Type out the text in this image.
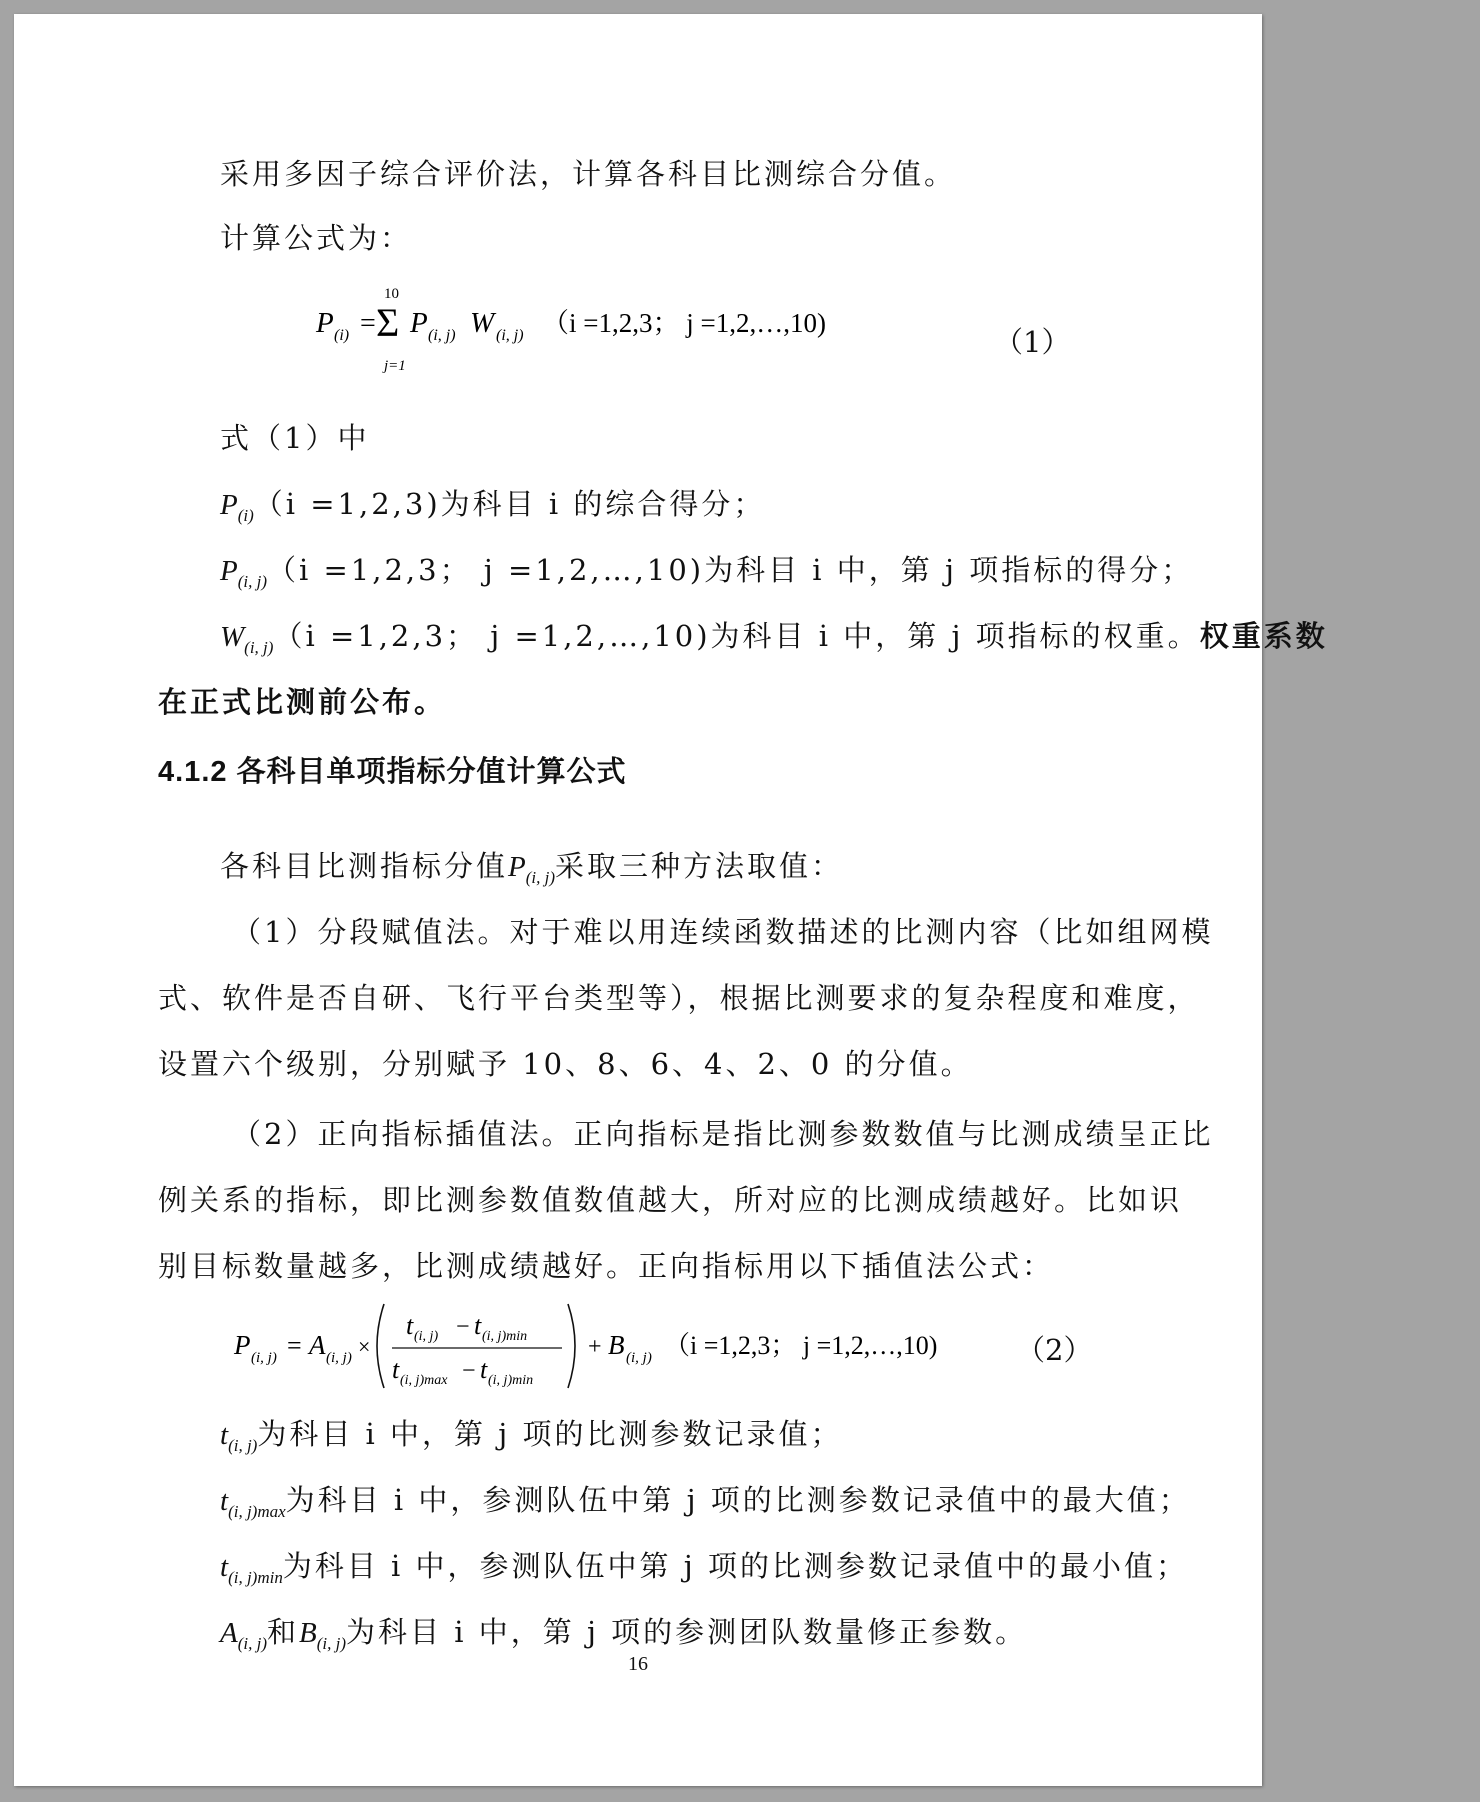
采用多因子综合评价法，计算各科目比测综合分值。
计算公式为：
P (i) =
10
Σ
j=1
P (i, j) W (i, j) （i =1,2,3； j =1,2,…,10)
（1）
式（1）中
$P_{(i)}(i =1,2,3)$为科目 i 的综合得分；
$P_{(i, j)}(i =1,2,3$； j =1,2,…,10)为科目 i 中，第 j 项指标的得分；
$W_{(i, j)}(i =1,2,3$； j =1,2,…,10)为科目 i 中，第 j 项指标的权重。权重系数
在正式比测前公布。
4.1.2 各科目单项指标分值计算公式
各科目比测指标分值$P_{(i, j)}$采取三种方法取值：
（1）分段赋值法。对于难以用连续函数描述的比测内容（比如组网模
式、软件是否自研、飞行平台类型等），根据比测要求的复杂程度和难度，
设置六个级别，分别赋予 10、8、6、4、2、0 的分值。
（2）正向指标插值法。正向指标是指比测参数数值与比测成绩呈正比
例关系的指标，即比测参数值数值越大，所对应的比测成绩越好。比如识
别目标数量越多，比测成绩越好。正向指标用以下插值法公式：
P (i, j) = A (i, j) ×
t (i, j) − t (i, j)min
t (i, j)max − t (i, j)min
+ B (i, j) （i =1,2,3； j =1,2,…,10)	（2）
$t_{(i, j)}$为科目 i 中，第 j 项的比测参数记录值；
$t_{(i, j)max}$为科目 i 中，参测队伍中第 j 项的比测参数记录值中的最大值；
$t_{(i, j)min}$为科目 i 中，参测队伍中第 j 项的比测参数记录值中的最小值；
$A_{(i, j)}$和$B_{(i, j)}$为科目 i 中，第 j 项的参测团队数量修正参数。
16
